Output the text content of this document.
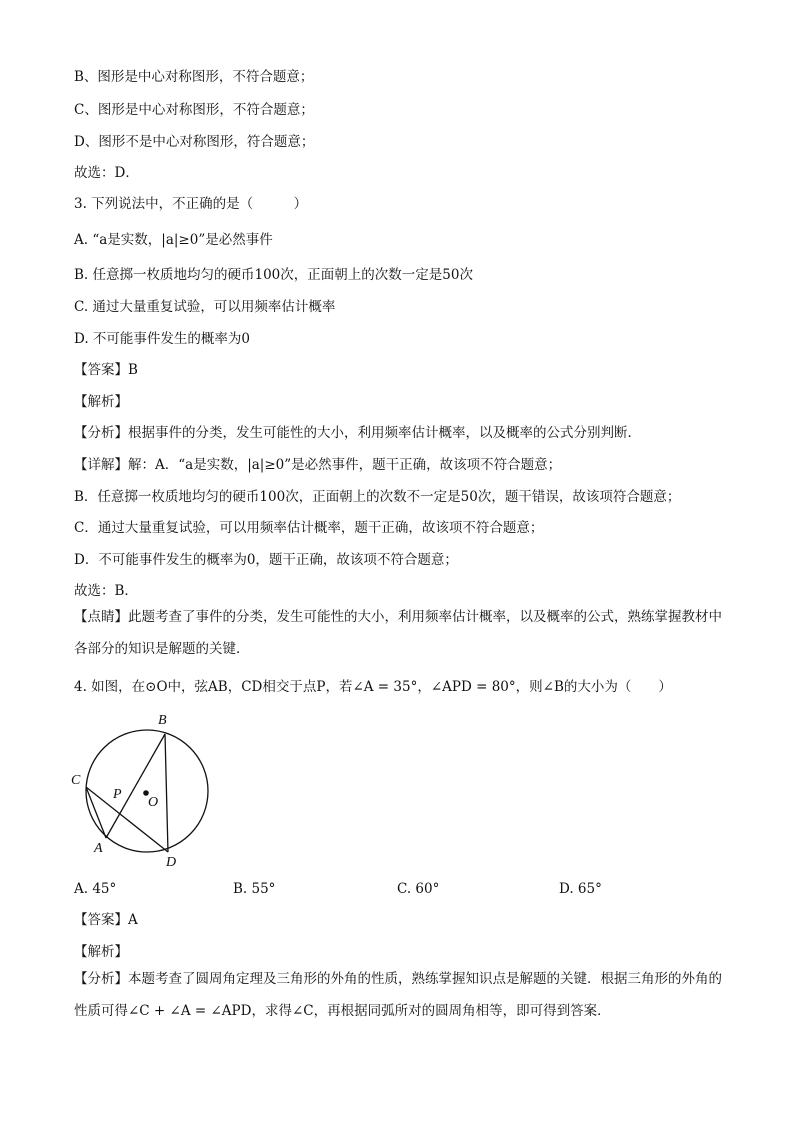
B、图形是中心对称图形，不符合题意；
C、图形是中心对称图形，不符合题意；
D、图形不是中心对称图形，符合题意；
故选：D．
3. 下列说法中，不正确的是（　　　）
A. “a是实数，|a|≥0”是必然事件
B. 任意掷一枚质地均匀的硬币100次，正面朝上的次数一定是50次
C. 通过大量重复试验，可以用频率估计概率
D. 不可能事件发生的概率为0
【答案】B
【解析】
【分析】根据事件的分类，发生可能性的大小，利用频率估计概率，以及概率的公式分别判断．
【详解】解：A．“a是实数，|a|≥0”是必然事件，题干正确，故该项不符合题意；
B．任意掷一枚质地均匀的硬币100次，正面朝上的次数不一定是50次，题干错误，故该项符合题意；
C．通过大量重复试验，可以用频率估计概率，题干正确，故该项不符合题意；
D．不可能事件发生的概率为0，题干正确，故该项不符合题意；
故选：B．
【点睛】此题考查了事件的分类，发生可能性的大小，利用频率估计概率，以及概率的公式，熟练掌握教材中各部分的知识是解题的关键．
4. 如图，在⊙O中，弦AB，CD相交于点P，若∠A = 35°，∠APD = 80°，则∠B的大小为（　　）
B
C
P
O
A
D
A. 45°	B. 55°	C. 60°	D. 65°
【答案】A
【解析】
【分析】本题考查了圆周角定理及三角形的外角的性质，熟练掌握知识点是解题的关键．根据三角形的外角的性质可得∠C + ∠A = ∠APD，求得∠C，再根据同弧所对的圆周角相等，即可得到答案．
